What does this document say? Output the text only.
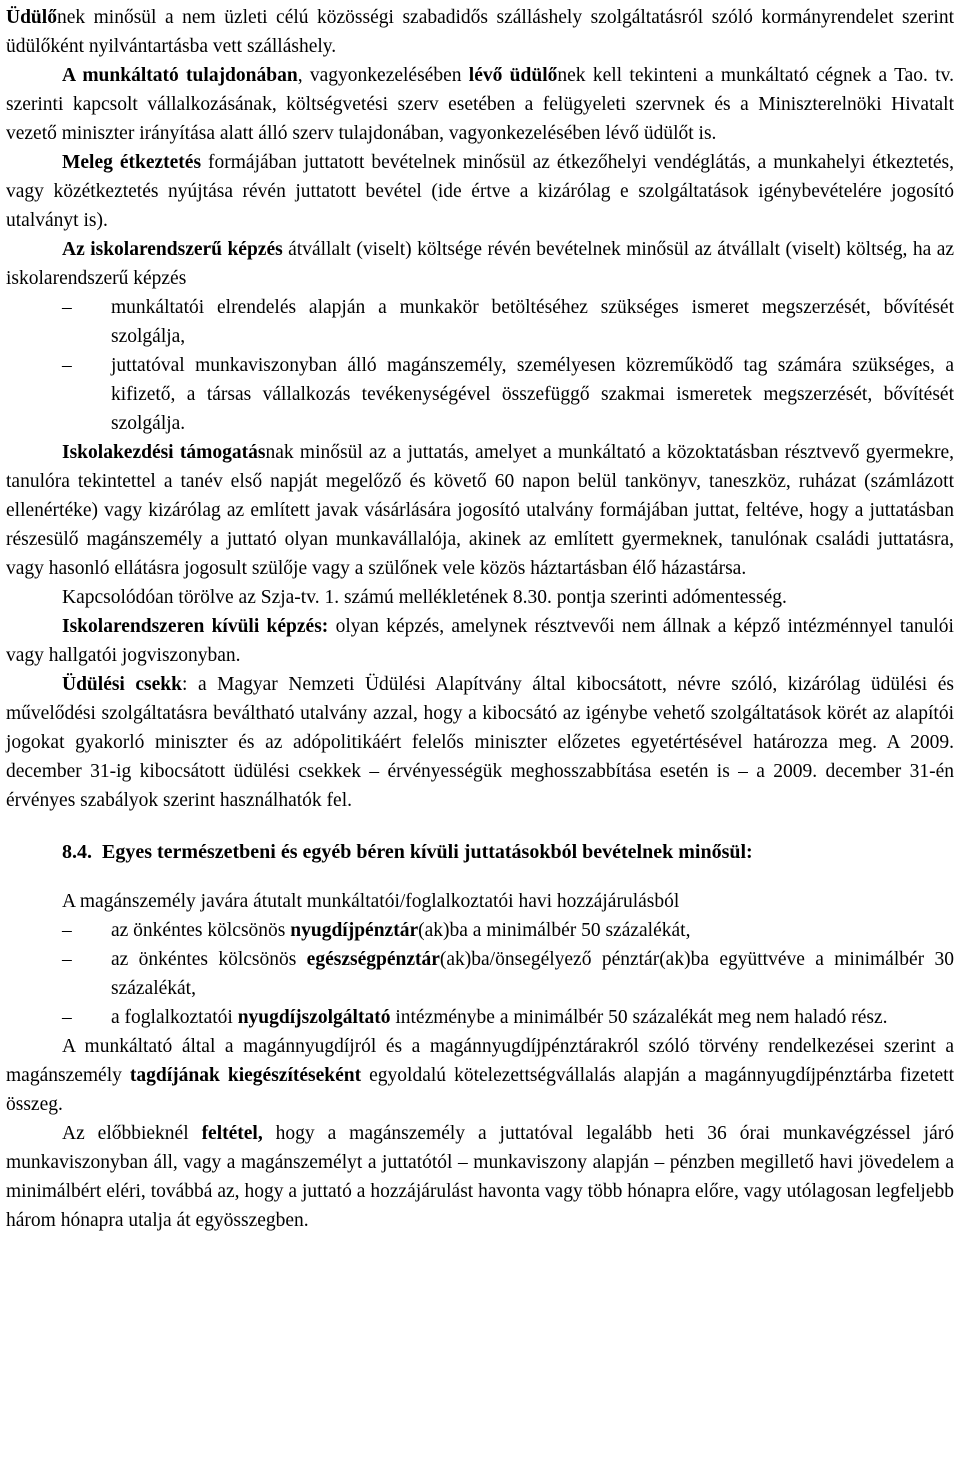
Üdülőnek minősül a nem üzleti célú közösségi szabadidős szálláshely szolgáltatásról szóló kormányrendelet szerint üdülőként nyilvántartásba vett szálláshely.

A munkáltató tulajdonában, vagyonkezelésében lévő üdülőnek kell tekinteni a munkáltató cégnek a Tao. tv. szerinti kapcsolt vállalkozásának, költségvetési szerv esetében a felügyeleti szervnek és a Miniszterelnöki Hivatalt vezető miniszter irányítása alatt álló szerv tulajdonában, vagyonkezelésében lévő üdülőt is.

Meleg étkeztetés formájában juttatott bevételnek minősül az étkezőhelyi vendéglátás, a munkahelyi étkeztetés, vagy közétkeztetés nyújtása révén juttatott bevétel (ide értve a kizárólag e szolgáltatások igénybevételére jogosító utalványt is).

Az iskolarendszerű képzés átvállalt (viselt) költsége révén bevételnek minősül az átvállalt (viselt) költség, ha az iskolarendszerű képzés

–	munkáltatói elrendelés alapján a munkakör betöltéséhez szükséges ismeret megszerzését, bővítését szolgálja,
–	juttatóval munkaviszonyban álló magánszemély, személyesen közreműködő tag számára szükséges, a kifizető, a társas vállalkozás tevékenységével összefüggő szakmai ismeretek megszerzését, bővítését szolgálja.

Iskolakezdési támogatásnak minősül az a juttatás, amelyet a munkáltató a közoktatásban résztvevő gyermekre, tanulóra tekintettel a tanév első napját megelőző és követő 60 napon belül tankönyv, taneszköz, ruházat (számlázott ellenértéke) vagy kizárólag az említett javak vásárlására jogosító utalvány formájában juttat, feltéve, hogy a juttatásban részesülő magánszemély a juttató olyan munkavállalója, akinek az említett gyermeknek, tanulónak családi juttatásra, vagy hasonló ellátásra jogosult szülője vagy a szülőnek vele közös háztartásban élő házastársa.

Kapcsolódóan törölve az Szja-tv. 1. számú mellékletének 8.30. pontja szerinti adómentesség.

Iskolarendszeren kívüli képzés: olyan képzés, amelynek résztvevői nem állnak a képző intézménnyel tanulói vagy hallgatói jogviszonyban.

Üdülési csekk: a Magyar Nemzeti Üdülési Alapítvány által kibocsátott, névre szóló, kizárólag üdülési és művelődési szolgáltatásra beváltható utalvány azzal, hogy a kibocsátó az igénybe vehető szolgáltatások körét az alapítói jogokat gyakorló miniszter és az adópolitikáért felelős miniszter előzetes egyetértésével határozza meg. A 2009. december 31-ig kibocsátott üdülési csekkek – érvényességük meghosszabbítása esetén is – a 2009. december 31-én érvényes szabályok szerint használhatók fel.

8.4. Egyes természetbeni és egyéb béren kívüli juttatásokból bevételnek minősül:

A magánszemély javára átutalt munkáltatói/foglalkoztatói havi hozzájárulásból

–	az önkéntes kölcsönös nyugdíjpénztár(ak)ba a minimálbér 50 százalékát,
–	az önkéntes kölcsönös egészségpénztár(ak)ba/önsegélyező pénztár(ak)ba együttvéve a minimálbér 30 százalékát,
–	a foglalkoztatói nyugdíjszolgáltató intézménybe a minimálbér 50 százalékát meg nem haladó rész.

A munkáltató által a magánnyugdíjról és a magánnyugdíjpénztárakról szóló törvény rendelkezései szerint a magánszemély tagdíjának kiegészítéseként egyoldalú kötelezettségvállalás alapján a magánnyugdíjpénztárba fizetett összeg.

Az előbbieknél feltétel, hogy a magánszemély a juttatóval legalább heti 36 órai munkavégzéssel járó munkaviszonyban áll, vagy a magánszemélyt a juttatótól – munkaviszony alapján – pénzben megillető havi jövedelem a minimálbért eléri, továbbá az, hogy a juttató a hozzájárulást havonta vagy több hónapra előre, vagy utólagosan legfeljebb három hónapra utalja át egyösszegben.
